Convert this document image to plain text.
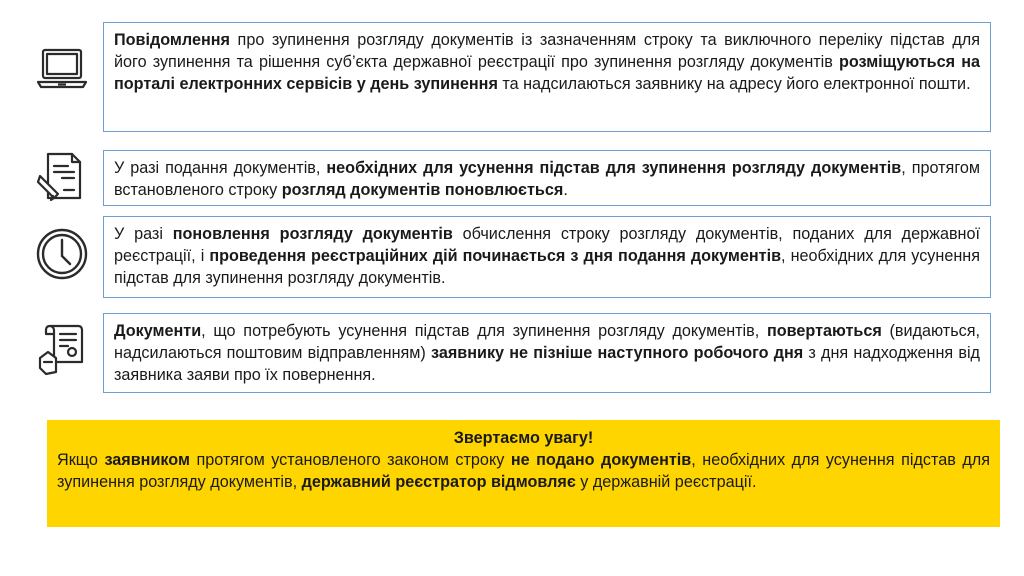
Повідомлення про зупинення розгляду документів із зазначенням строку та виключного переліку підстав для його зупинення та рішення суб’єкта державної реєстрації про зупинення розгляду документів розміщуються на порталі електронних сервісів у день зупинення та надсилаються заявнику на адресу його електронної пошти.
У разі подання документів, необхідних для усунення підстав для зупинення розгляду документів, протягом встановленого строку розгляд документів поновлюється.
У разі поновлення розгляду документів обчислення строку розгляду документів, поданих для державної реєстрації, і проведення реєстраційних дій починається з дня подання документів, необхідних для усунення підстав для зупинення розгляду документів.
Документи, що потребують усунення підстав для зупинення розгляду документів, повертаються (видаються, надсилаються поштовим відправленням) заявнику не пізніше наступного робочого дня з дня надходження від заявника заяви про їх повернення.
Звертаємо увагу!
Якщо заявником протягом установленого законом строку не подано документів, необхідних для усунення підстав для зупинення розгляду документів, державний реєстратор відмовляє у державній реєстрації.
